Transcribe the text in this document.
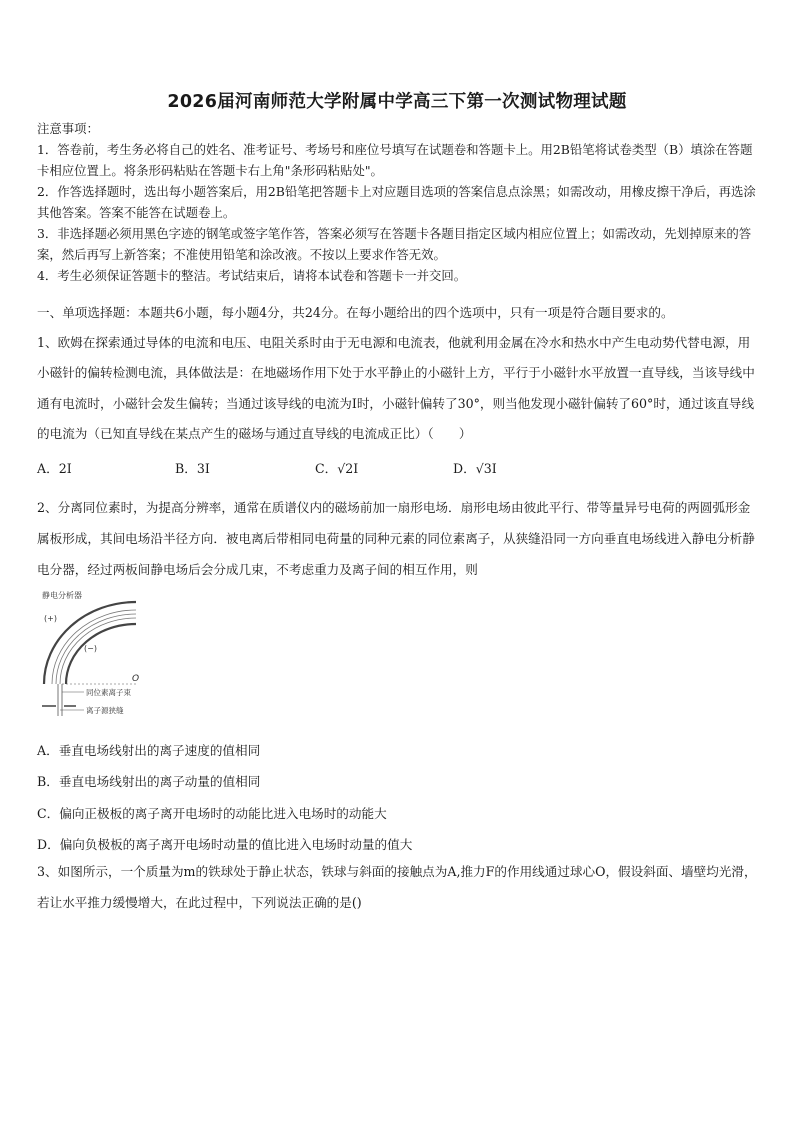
2026届河南师范大学附属中学高三下第一次测试物理试题

注意事项：

1．答卷前，考生务必将自己的姓名、准考证号、考场号和座位号填写在试题卷和答题卡上。用2B铅笔将试卷类型（B）填涂在答题卡相应位置上。将条形码粘贴在答题卡右上角"条形码粘贴处"。

2．作答选择题时，选出每小题答案后，用2B铅笔把答题卡上对应题目选项的答案信息点涂黑；如需改动，用橡皮擦干净后，再选涂其他答案。答案不能答在试题卷上。

3．非选择题必须用黑色字迹的钢笔或签字笔作答，答案必须写在答题卡各题目指定区域内相应位置上；如需改动，先划掉原来的答案，然后再写上新答案；不准使用铅笔和涂改液。不按以上要求作答无效。

4．考生必须保证答题卡的整洁。考试结束后，请将本试卷和答题卡一并交回。

一、单项选择题：本题共6小题，每小题4分，共24分。在每小题给出的四个选项中，只有一项是符合题目要求的。

1、欧姆在探索通过导体的电流和电压、电阻关系时由于无电源和电流表，他就利用金属在冷水和热水中产生电动势代替电源，用小磁针的偏转检测电流，具体做法是：在地磁场作用下处于水平静止的小磁针上方，平行于小磁针水平放置一直导线，当该导线中通有电流时，小磁针会发生偏转；当通过该导线的电流为I时，小磁针偏转了30°，则当他发现小磁针偏转了60°时，通过该直导线的电流为（已知直导线在某点产生的磁场与通过直导线的电流成正比）（　　）

A．2I	B．3I	C．√2I	D．√3I

2、分离同位素时，为提高分辨率，通常在质谱仪内的磁场前加一扇形电场．扇形电场由彼此平行、带等量异号电荷的两圆弧形金属板形成，其间电场沿半径方向．被电离后带相同电荷量的同种元素的同位素离子，从狭缝沿同一方向垂直电场线进入静电分析静电分器，经过两板间静电场后会分成几束，不考虑重力及离子间的相互作用，则

静电分析器
(+)
(−)
O
同位素离子束
离子源狭缝

A．垂直电场线射出的离子速度的值相同

B．垂直电场线射出的离子动量的值相同

C．偏向正极板的离子离开电场时的动能比进入电场时的动能大

D．偏向负极板的离子离开电场时动量的值比进入电场时动量的值大

3、如图所示，一个质量为m的铁球处于静止状态，铁球与斜面的接触点为A,推力F的作用线通过球心O，假设斜面、墙壁均光滑，若让水平推力缓慢增大，在此过程中，下列说法正确的是()
